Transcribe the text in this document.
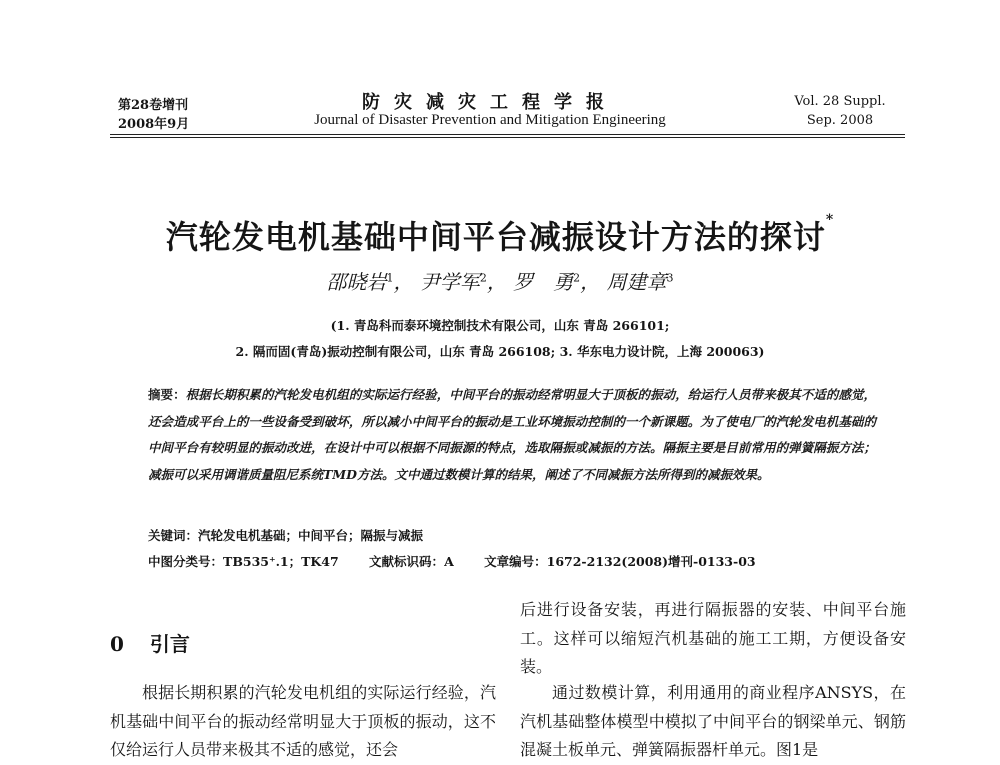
第28卷增刊
2008年9月
防灾减灾工程学报
Journal of Disaster Prevention and Mitigation Engineering
Vol. 28 Suppl.
Sep. 2008
汽轮发电机基础中间平台减振设计方法的探讨*
邵晓岩$^1$， 尹学军$^2$， 罗　勇$^2$， 周建章$^3$
(1. 青岛科而泰环境控制技术有限公司，山东 青岛 266101;
2. 隔而固(青岛)振动控制有限公司，山东 青岛 266108; 3. 华东电力设计院，上海 200063)
摘要：根据长期积累的汽轮发电机组的实际运行经验，中间平台的振动经常明显大于顶板的振动，给运行人员带来极其不适的感觉，还会造成平台上的一些设备受到破坏，所以减小中间平台的振动是工业环境振动控制的一个新课题。为了使电厂的汽轮发电机基础的中间平台有较明显的振动改进，在设计中可以根据不同振源的特点，选取隔振或减振的方法。隔振主要是目前常用的弹簧隔振方法；减振可以采用调谐质量阻尼系统TMD方法。文中通过数模计算的结果，阐述了不同减振方法所得到的减振效果。
关键词：汽轮发电机基础；中间平台；隔振与减振
中图分类号：TB535⁺.1；TK47 文献标识码：A 文章编号：1672-2132(2008)增刊-0133-03
0 引言
根据长期积累的汽轮发电机组的实际运行经验，汽机基础中间平台的振动经常明显大于顶板的振动，这不仅给运行人员带来极其不适的感觉，还会
后进行设备安装，再进行隔振器的安装、中间平台施工。这样可以缩短汽机基础的施工工期，方便设备安装。
通过数模计算，利用通用的商业程序ANSYS，在汽机基础整体模型中模拟了中间平台的钢梁单元、钢筋混凝土板单元、弹簧隔振器杆单元。图1是
